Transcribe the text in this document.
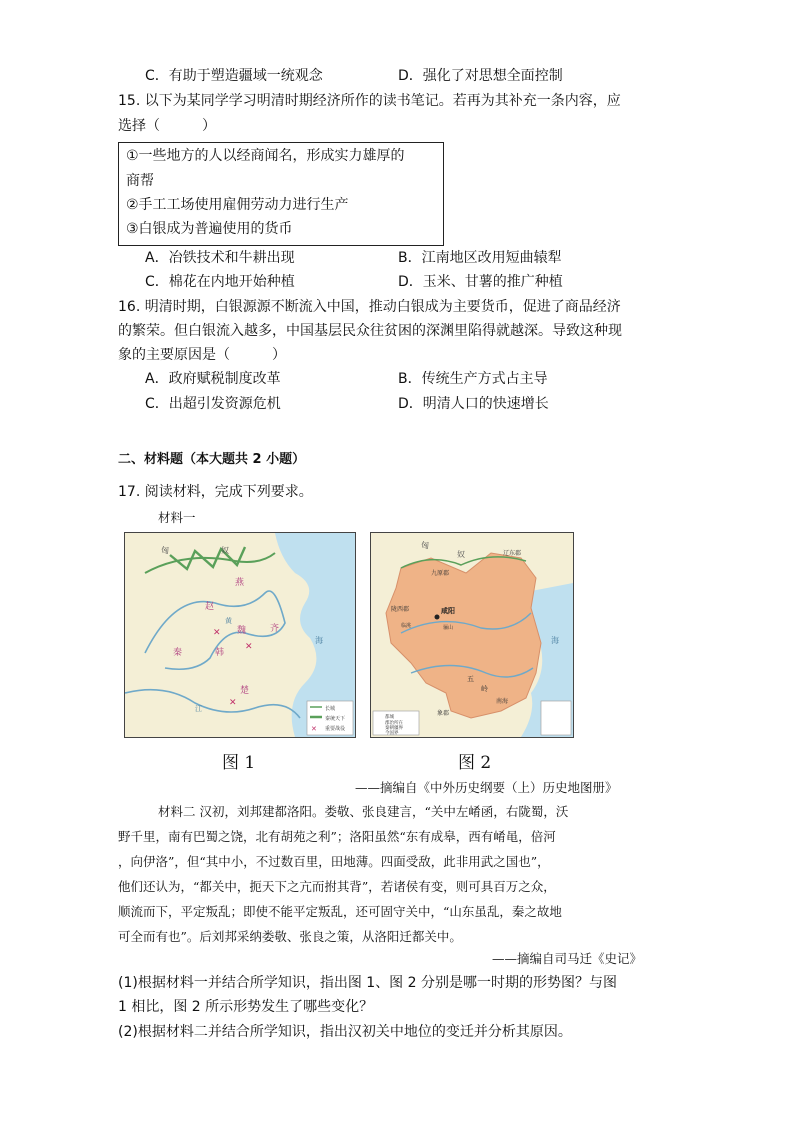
C．有助于塑造疆域一统观念	D．强化了对思想全面控制
15. 以下为某同学学习明清时期经济所作的读书笔记。若再为其补充一条内容，应
选择（　　　）
①一些地方的人以经商闻名，形成实力雄厚的
商帮
②手工工场使用雇佣劳动力进行生产
③白银成为普遍使用的货币
A．冶铁技术和牛耕出现	B．江南地区改用短曲辕犁
C．棉花在内地开始种植	D．玉米、甘薯的推广种植
16. 明清时期，白银源源不断流入中国，推动白银成为主要货币，促进了商品经济
的繁荣。但白银流入越多，中国基层民众往贫困的深渊里陷得就越深。导致这种现
象的主要原因是（　　　）
A．政府赋税制度改革	B．传统生产方式占主导
C．出超引发资源危机	D．明清人口的快速增长
二、材料题（本大题共 2 小题）
17. 阅读材料，完成下列要求。
材料一
匈	奴
燕
赵
齐
秦	韩
魏
楚
黄
海
江
✕
✕
✕
长城
秦统天下
✕ 重要战役
匈
奴	辽东郡
九原郡
陇西郡	咸阳
临洮	骊山
南海
五
岭
象郡
海
都城
郡治所在
秦朝疆界
今国界
图 1	图 2
——摘编自《中外历史纲要（上）历史地图册》
材料二 汉初，刘邦建都洛阳。娄敬、张良建言，“关中左崤函，右陇蜀，沃
野千里，南有巴蜀之饶，北有胡苑之利”；洛阳虽然“东有成皋，西有崤黾，倍河
，向伊洛”，但“其中小，不过数百里，田地薄。四面受敌，此非用武之国也”，
他们还认为，“都关中，扼天下之亢而拊其背”，若诸侯有变，则可具百万之众，
顺流而下，平定叛乱；即使不能平定叛乱，还可固守关中，“山东虽乱，秦之故地
可全而有也”。后刘邦采纳娄敬、张良之策，从洛阳迁都关中。
——摘编自司马迁《史记》
(1)根据材料一并结合所学知识，指出图 1、图 2 分别是哪一时期的形势图？与图
1 相比，图 2 所示形势发生了哪些变化？
(2)根据材料二并结合所学知识，指出汉初关中地位的变迁并分析其原因。
